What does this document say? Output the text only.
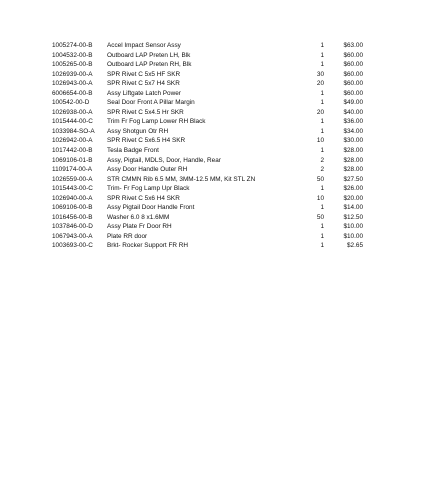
1005274-00-B Accel Impact Sensor Assy	1	$63.00
1004532-00-B Outboard LAP Preten LH, Blk	1	$60.00
1005265-00-B Outboard LAP Preten RH, Blk	1	$60.00
1026939-00-A SPR Rivet C 5x5 HF SKR	30	$60.00
1026943-00-A SPR Rivet C 5x7 H4 SKR	20	$60.00
6006654-00-B Assy Liftgate Latch Power	1	$60.00
100542-00-D	Seal Door Front A Pillar Margin	1	$49.00
1026938-00-A SPR Rivet C 5x4.5 Hr SKR	20	$40.00
1015444-00-C Trim Fr Fog Lamp Lower RH Black	1	$36.00
1033984-SO-A Assy Shotgun Otr RH	1	$34.00
1026942-00-A SPR Rivet C 5x6.5 H4 SKR	10	$30.00
1017442-00-B Tesla Badge Front	1	$28.00
1069106-01-B Assy, Pigtail, MDLS, Door, Handle, Rear	2	$28.00
1109174-00-A Assy Door Handle Outer RH	2	$28.00
1026559-00-A STR CMMN Rib 6.5 MM, 3MM-12.5 MM, Kit STL ZN	50	$27.50
1015443-00-C Trim- Fr Fog Lamp Upr Black	1	$26.00
1026940-00-A SPR Rivet C 5x6 H4 SKR	10	$20.00
1069106-00-B Assy Pigtail Door Handle Front	1	$14.00
1016456-00-B Washer 6.0 8 x1.6MM	50	$12.50
1037846-00-D Assy Plate Fr Door RH	1	$10.00
1067943-00-A Plate RR door	1	$10.00
1003693-00-C Brkt- Rocker Support FR RH	1	$2.65
